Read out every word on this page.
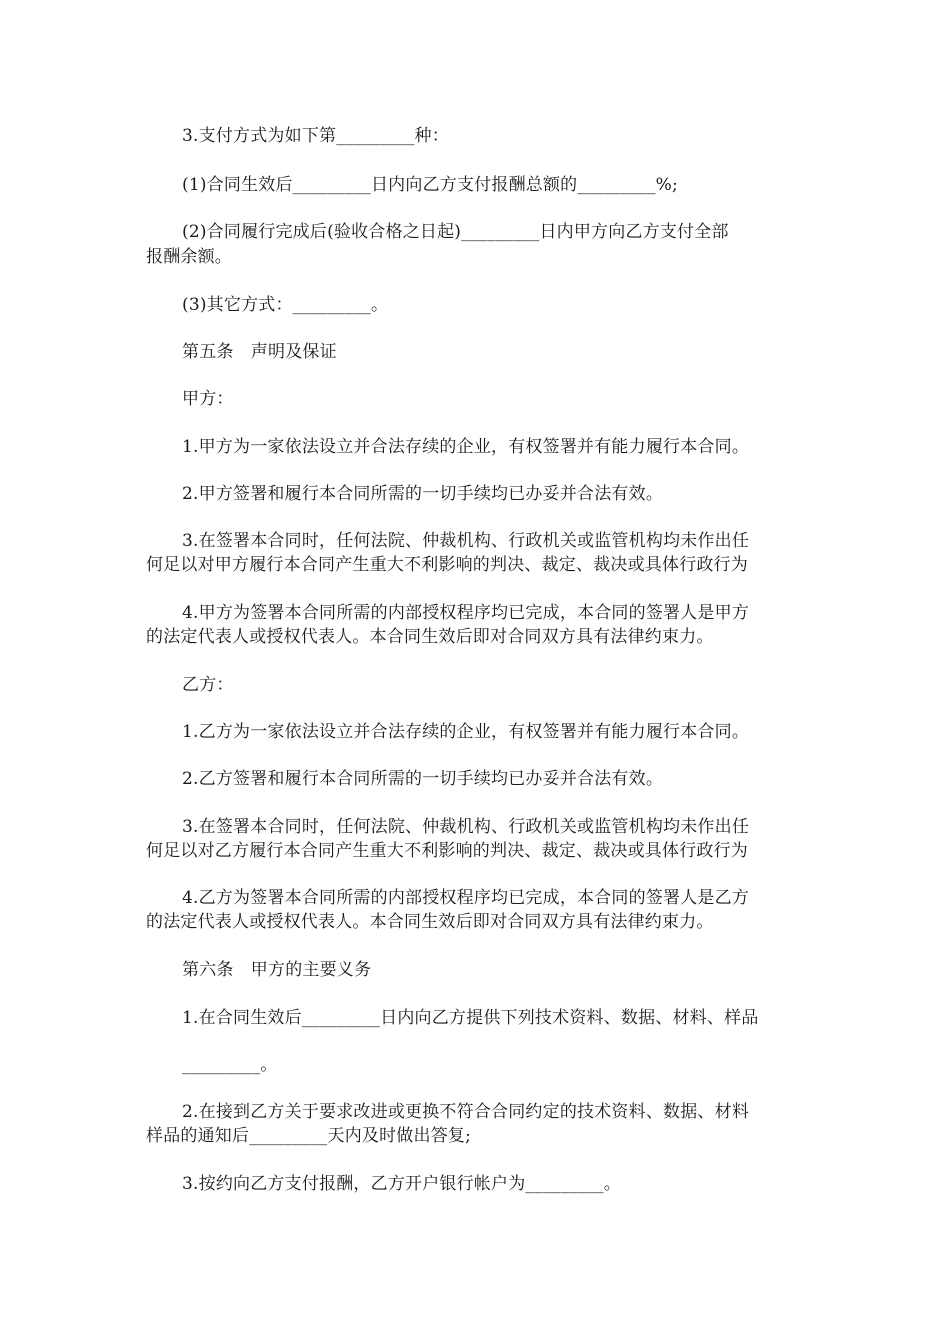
3.支付方式为如下第_________种：
(1)合同生效后_________日内向乙方支付报酬总额的_________%;
(2)合同履行完成后(验收合格之日起)_________日内甲方向乙方支付全部
报酬余额。
(3)其它方式：_________。
第五条　声明及保证
甲方：
1.甲方为一家依法设立并合法存续的企业，有权签署并有能力履行本合同。
2.甲方签署和履行本合同所需的一切手续均已办妥并合法有效。
3.在签署本合同时，任何法院、仲裁机构、行政机关或监管机构均未作出任
何足以对甲方履行本合同产生重大不利影响的判决、裁定、裁决或具体行政行为
4.甲方为签署本合同所需的内部授权程序均已完成，本合同的签署人是甲方
的法定代表人或授权代表人。本合同生效后即对合同双方具有法律约束力。
乙方：
1.乙方为一家依法设立并合法存续的企业，有权签署并有能力履行本合同。
2.乙方签署和履行本合同所需的一切手续均已办妥并合法有效。
3.在签署本合同时，任何法院、仲裁机构、行政机关或监管机构均未作出任
何足以对乙方履行本合同产生重大不利影响的判决、裁定、裁决或具体行政行为
4.乙方为签署本合同所需的内部授权程序均已完成，本合同的签署人是乙方
的法定代表人或授权代表人。本合同生效后即对合同双方具有法律约束力。
第六条　甲方的主要义务
1.在合同生效后_________日内向乙方提供下列技术资料、数据、材料、样品
_________。
2.在接到乙方关于要求改进或更换不符合合同约定的技术资料、数据、材料
样品的通知后_________天内及时做出答复;
3.按约向乙方支付报酬，乙方开户银行帐户为_________。
